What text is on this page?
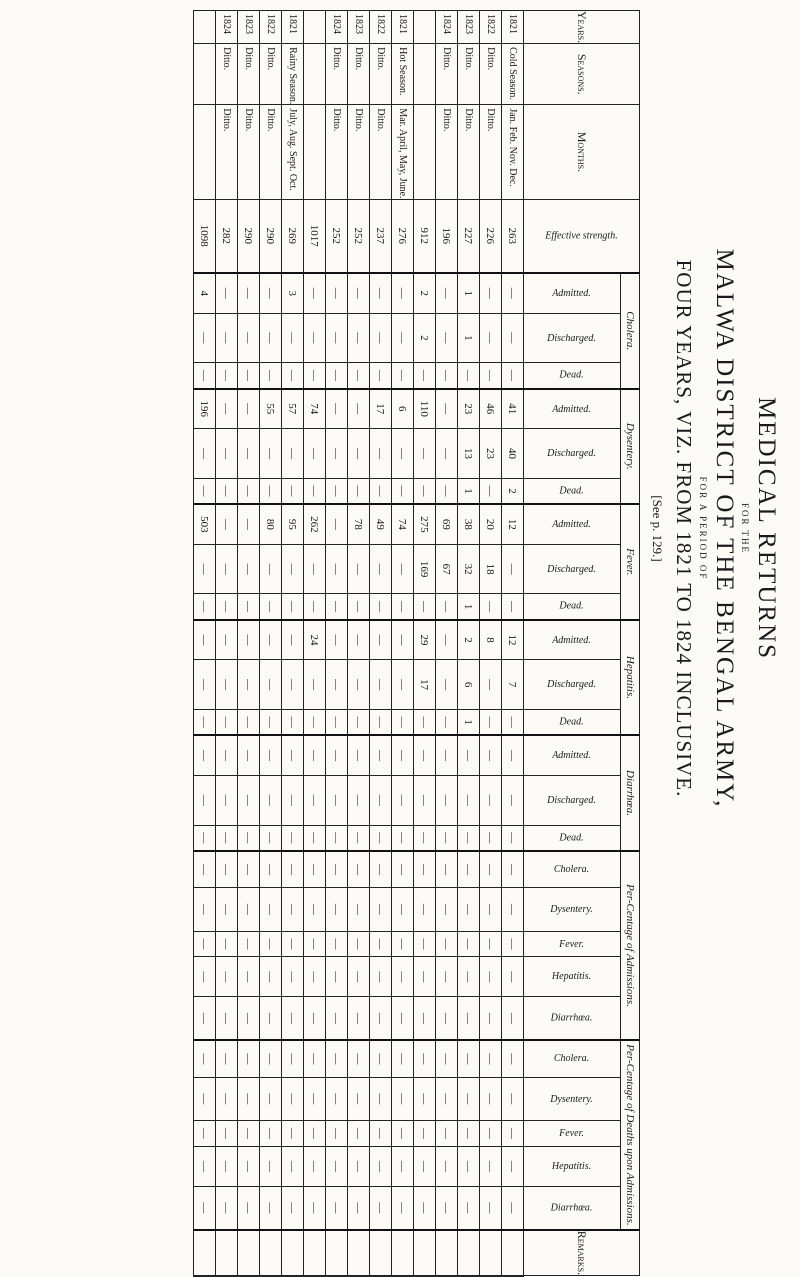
MEDICAL RETURNS
FOR THE
MALWA DISTRICT OF THE BENGAL ARMY,
FOR A PERIOD OF
FOUR YEARS, VIZ. FROM 1821 TO 1824 INCLUSIVE.
[See p. 129.]
Years.	Seasons.	Months.	Effective strength.	Cholera.			Dysentery.			Fever.			Hepatitis.			Diarrhœa.			Per-Centage of Admissions.					Per-Centage of Deaths upon Admissions.					Remarks.	
				Admitted.	Discharged.	Dead.	Admitted.	Discharged.	Dead.	Admitted.	Discharged.	Dead.	Admitted.	Discharged.	Dead.	Admitted.	Discharged.	Dead.	Cholera.	Dysentery.	Fever.	Hepatitis.	Diarrhœa.	Cholera.	Dysentery.	Fever.	Hepatitis.	Diarrhœa.		
1821	Cold Season.	Jan. Feb. Nov. Dec.	263	—	—	—	41	40	2	12	—	—	12	7	—	—	—	—	—	—	—	—	—	—	—	—	—	—		
1822	Ditto.	Ditto.	226	—	—	—	46	23	—	20	18	—	8	—	—	—	—	—	—	—	—	—	—	—	—	—	—	—		
1823	Ditto.	Ditto.	227	1	1	—	23	13	1	38	32	1	2	6	1	—	—	—	—	—	—	—	—	—	—	—	—	—		
1824	Ditto.	Ditto.	196	—	—	—	—	—	—	69	67	—	—	—	—	—	—	—	—	—	—	—	—	—	—	—	—	—		
			912	2	2	—	110	—	—	275	169	—	29	17	—	—	—	—	—	—	—	—	—	—	—	—	—	—		
1821	Hot Season.	Mar. April, May, June.	276	—	—	—	6	—	—	74	—	—	—	—	—	—	—	—	—	—	—	—	—	—	—	—	—	—		
1822	Ditto.	Ditto.	237	—	—	—	17	—	—	49	—	—	—	—	—	—	—	—	—	—	—	—	—	—	—	—	—	—		
1823	Ditto.	Ditto.	252	—	—	—	—	—	—	78	—	—	—	—	—	—	—	—	—	—	—	—	—	—	—	—	—	—		
1824	Ditto.	Ditto.	252	—	—	—	—	—	—	—	—	—	—	—	—	—	—	—	—	—	—	—	—	—	—	—	—	—		
			1017	—	—	—	74	—	—	262	—	—	24	—	—	—	—	—	—	—	—	—	—	—	—	—	—	—		
1821	Rainy Season.	July, Aug. Sept. Oct.	269	3	—	—	57	—	—	95	—	—	—	—	—	—	—	—	—	—	—	—	—	—	—	—	—	—		
1822	Ditto.	Ditto.	290	—	—	—	55	—	—	80	—	—	—	—	—	—	—	—	—	—	—	—	—	—	—	—	—	—		
1823	Ditto.	Ditto.	290	—	—	—	—	—	—	—	—	—	—	—	—	—	—	—	—	—	—	—	—	—	—	—	—	—		
1824	Ditto.	Ditto.	282	—	—	—	—	—	—	—	—	—	—	—	—	—	—	—	—	—	—	—	—	—	—	—	—	—		
			1098	4	—	—	196	—	—	503	—	—	—	—	—	—	—	—	—	—	—	—	—	—	—	—	—	—		
